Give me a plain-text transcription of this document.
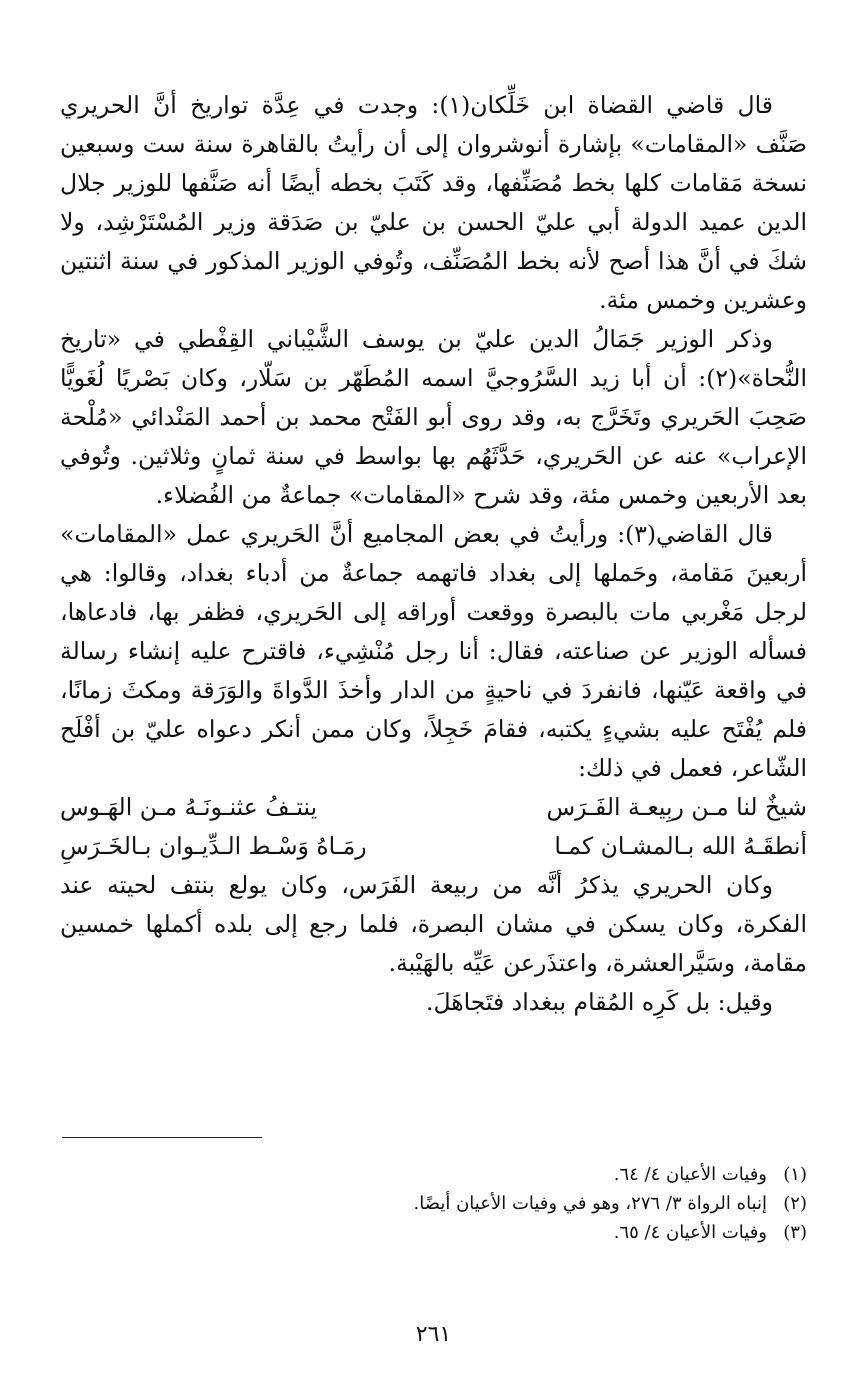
قال قاضي القضاة ابن خَلِّكان(١): وجدت في عِدَّة تواريخ أنَّ الحريري صَنَّف «المقامات» بإشارة أنوشروان إلى أن رأيتُ بالقاهرة سنة ست وسبعين نسخة مَقامات كلها بخط مُصَنِّفها، وقد كَتَبَ بخطه أيضًا أنه صَنَّفها للوزير جلال الدين عميد الدولة أبي عليّ الحسن بن عليّ بن صَدَقة وزير المُسْتَرْشِد، ولا شكَ في أنَّ هذا أصح لأنه بخط المُصَنِّف، وتُوفي الوزير المذكور في سنة اثنتين وعشرين وخمس مئة.

وذكر الوزير جَمَالُ الدين عليّ بن يوسف الشَّيْباني القِفْطي في «تاريخ النُّحاة»(٢): أن أبا زيد السَّرُوجيَّ اسمه المُطَهّر بن سَلّار، وكان بَصْريًا لُغَويًّا صَحِبَ الحَريري وتَخَرَّج به، وقد روى أبو الفَتْح محمد بن أحمد المَنْدائي «مُلْحة الإعراب» عنه عن الحَريري، حَدَّثَهُم بها بواسط في سنة ثمانٍ وثلاثين. وتُوفي بعد الأربعين وخمس مئة، وقد شرح «المقامات» جماعةٌ من الفُضلاء.

قال القاضي(٣): ورأيتُ في بعض المجاميع أنَّ الحَريري عمل «المقامات» أربعينَ مَقامة، وحَملها إلى بغداد فاتهمه جماعةٌ من أدباء بغداد، وقالوا: هي لرجل مَغْربي مات بالبصرة ووقعت أوراقه إلى الحَريري، فظفر بها، فادعاها، فسأله الوزير عن صناعته، فقال: أنا رجل مُنْشِيء، فاقترح عليه إنشاء رسالة في واقعة عَيّنها، فانفردَ في ناحيةٍ من الدار وأخذَ الدَّواةَ والوَرَقة ومكثَ زمانًا، فلم يُفْتَح عليه بشيءٍ يكتبه، فقامَ خَجِلاً، وكان ممن أنكر دعواه عليّ بن أفْلَح الشّاعر، فعمل في ذلك:

شيخٌ لنا مـن ربِيعـة الفَـرَس
ينتـفُ عثنـونَـهُ مـن الهَـوس
أنطقَـهُ الله بـالمشـان كمـا
رمَـاهُ وَسْـط الـدِّيـوان بـالخَـرَسِ

وكان الحريري يذكرُ أنَّه من ربيعة الفَرَس، وكان يولع بنتف لحيته عند الفكرة، وكان يسكن في مشان البصرة، فلما رجع إلى بلده أكملها خمسين مقامة، وسَيَّرالعشرة، واعتذَرعن عَيِّه بالهَيْبة.

وقيل: بل كَرِه المُقام ببغداد فتَجاهَلَ.

(١)
وفيات الأعيان ٤/ ٦٤.

(٢)
إنباه الرواة ٣/ ٢٧٦، وهو في وفيات الأعيان أيضًا.

(٣)
وفيات الأعيان ٤/ ٦٥.

٢٦١
